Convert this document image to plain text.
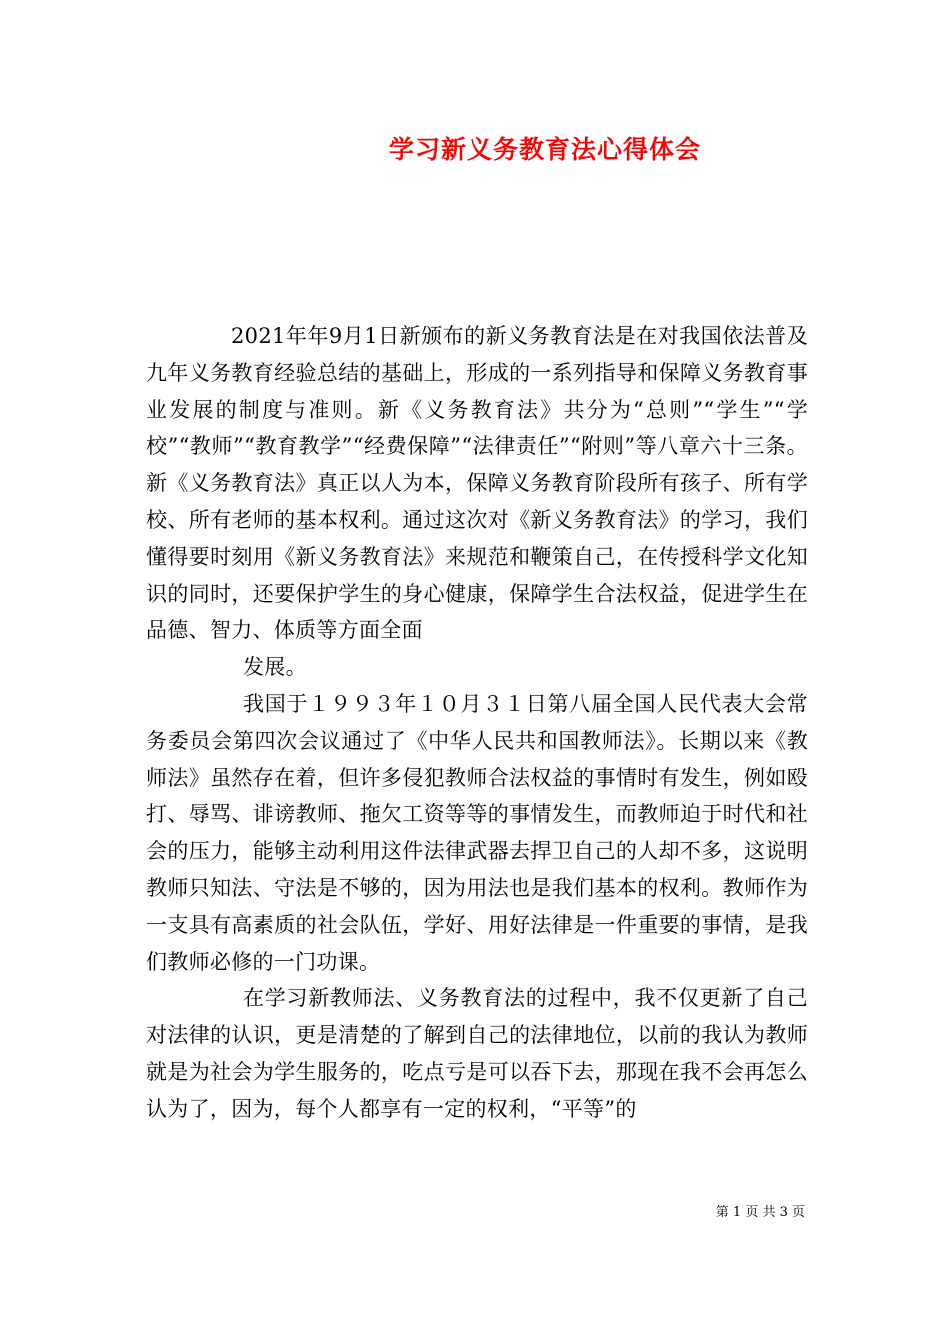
学习新义务教育法心得体会

2021年年9月1日新颁布的新义务教育法是在对我国依法普及九年义务教育经验总结的基础上，形成的一系列指导和保障义务教育事业发展的制度与准则。新《义务教育法》共分为“总则”“学生”“学校”“教师”“教育教学”“经费保障”“法律责任”“附则”等八章六十三条。新《义务教育法》真正以人为本，保障义务教育阶段所有孩子、所有学校、所有老师的基本权利。通过这次对《新义务教育法》的学习，我们懂得要时刻用《新义务教育法》来规范和鞭策自己，在传授科学文化知识的同时，还要保护学生的身心健康，保障学生合法权益，促进学生在品德、智力、体质等方面全面

发展。

我国于１９９３年１０月３１日第八届全国人民代表大会常务委员会第四次会议通过了《中华人民共和国教师法》。长期以来《教师法》虽然存在着，但许多侵犯教师合法权益的事情时有发生，例如殴打、辱骂、诽谤教师、拖欠工资等等的事情发生，而教师迫于时代和社会的压力，能够主动利用这件法律武器去捍卫自己的人却不多，这说明教师只知法、守法是不够的，因为用法也是我们基本的权利。教师作为一支具有高素质的社会队伍，学好、用好法律是一件重要的事情，是我们教师必修的一门功课。

在学习新教师法、义务教育法的过程中，我不仅更新了自己对法律的认识，更是清楚的了解到自己的法律地位，以前的我认为教师就是为社会为学生服务的，吃点亏是可以吞下去，那现在我不会再怎么认为了，因为，每个人都享有一定的权利，“平等”的

第 1 页 共 3 页
